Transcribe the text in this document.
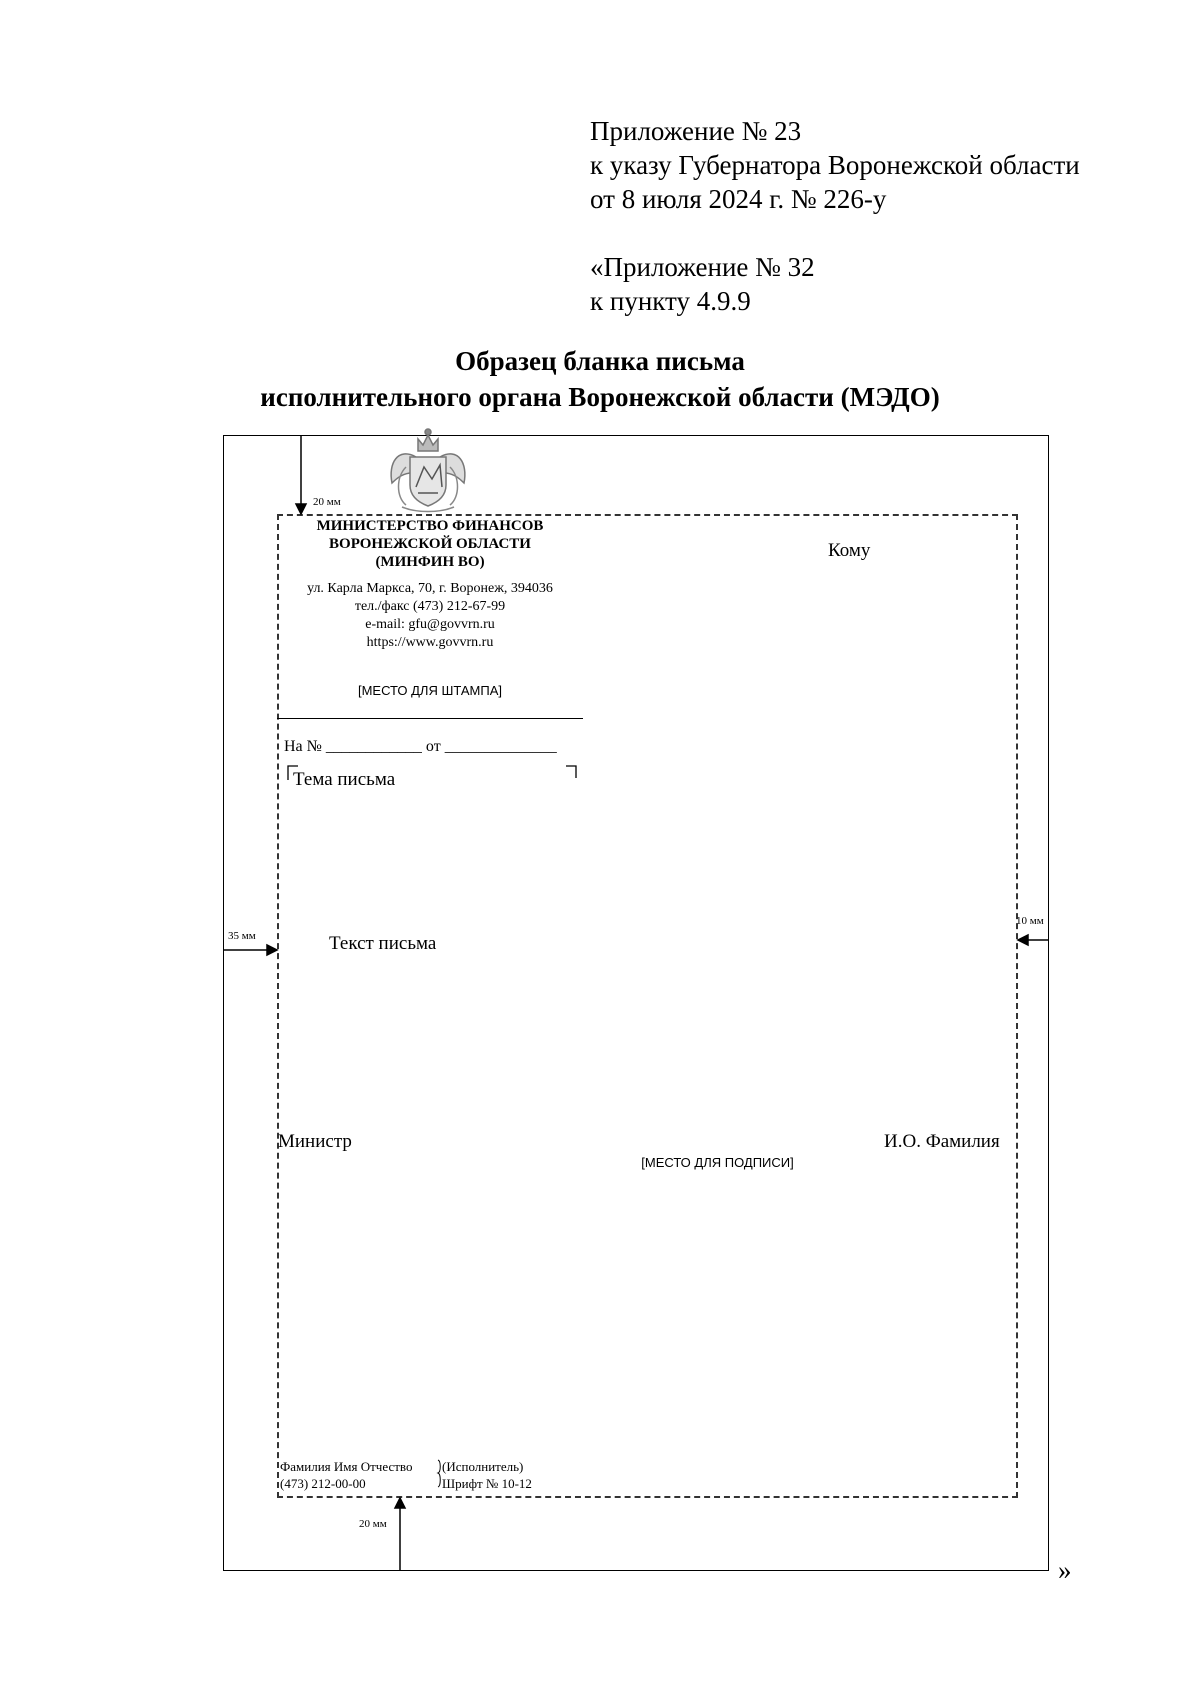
Приложение № 23
к указу Губернатора Воронежской области
от 8 июля 2024 г. № 226-у
«Приложение № 32
к пункту 4.9.9
Образец бланка письма
исполнительного органа Воронежской области (МЭДО)
20 мм
35 мм
10 мм
20 мм
МИНИСТЕРСТВО ФИНАНСОВ
ВОРОНЕЖСКОЙ ОБЛАСТИ
(МИНФИН ВО)
ул. Карла Маркса, 70, г. Воронеж, 394036
тел./факс (473) 212-67-99
e-mail: gfu@govvrn.ru
https://www.govvrn.ru
[МЕСТО ДЛЯ ШТАМПА]
На № ____________ от ______________
Тема письма
Кому
Текст письма
Министр	И.О. Фамилия
[МЕСТО ДЛЯ ПОДПИСИ]
Фамилия Имя Отчество
(473) 212-00-00
(Исполнитель)
Шрифт № 10-12
»
